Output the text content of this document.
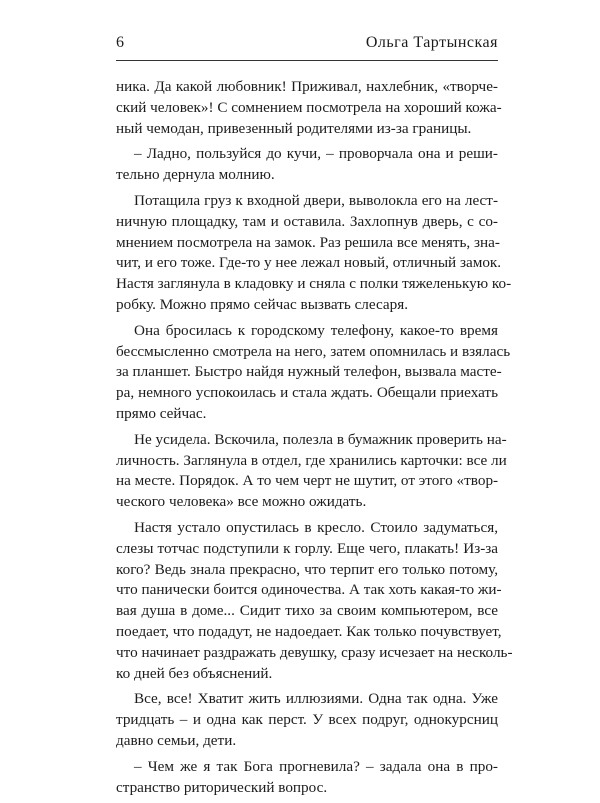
6	Ольга Тартынская
ника. Да какой любовник! Приживал, нахлебник, «творче-
ский человек»! С сомнением посмотрела на хороший кожа-
ный чемодан, привезенный родителями из-за границы.
– Ладно, пользуйся до кучи, – проворчала она и реши-
тельно дернула молнию.
Потащила груз к входной двери, выволокла его на лест-
ничную площадку, там и оставила. Захлопнув дверь, с со-
мнением посмотрела на замок. Раз решила все менять, зна-
чит, и его тоже. Где-то у нее лежал новый, отличный замок.
Настя заглянула в кладовку и сняла с полки тяжеленькую ко-
робку. Можно прямо сейчас вызвать слесаря.
Она бросилась к городскому телефону, какое-то время
бессмысленно смотрела на него, затем опомнилась и взялась
за планшет. Быстро найдя нужный телефон, вызвала масте-
ра, немного успокоилась и стала ждать. Обещали приехать
прямо сейчас.
Не усидела. Вскочила, полезла в бумажник проверить на-
личность. Заглянула в отдел, где хранились карточки: все ли
на месте. Порядок. А то чем черт не шутит, от этого «твор-
ческого человека» все можно ожидать.
Настя устало опустилась в кресло. Стоило задуматься,
слезы тотчас подступили к горлу. Еще чего, плакать! Из-за
кого? Ведь знала прекрасно, что терпит его только потому,
что панически боится одиночества. А так хоть какая-то жи-
вая душа в доме... Сидит тихо за своим компьютером, все
поедает, что подадут, не надоедает. Как только почувствует,
что начинает раздражать девушку, сразу исчезает на несколь-
ко дней без объяснений.
Все, все! Хватит жить иллюзиями. Одна так одна. Уже
тридцать – и одна как перст. У всех подруг, однокурсниц
давно семьи, дети.
– Чем же я так Бога прогневила? – задала она в про-
странство риторический вопрос.
